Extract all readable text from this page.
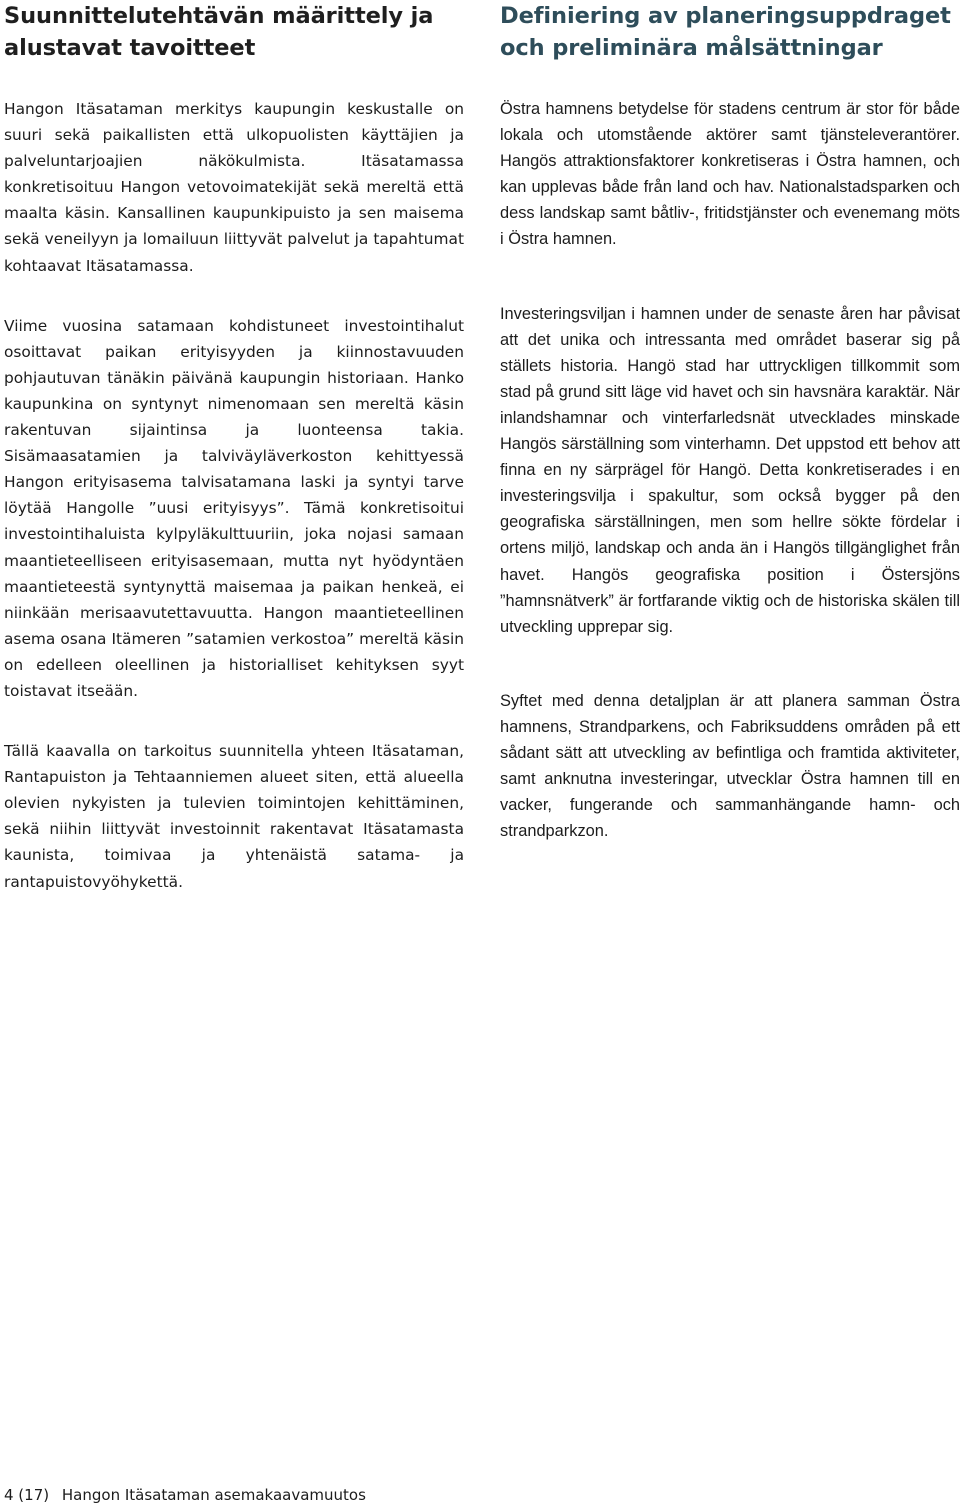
Suunnittelutehtävän määrittely ja alustavat tavoitteet

Hangon Itäsataman merkitys kaupungin keskustalle on suuri sekä paikallisten että ulkopuolisten käyttäjien ja palveluntarjoajien näkökulmista. Itäsatamassa konkretisoituu Hangon vetovoimatekijät sekä mereltä että maalta käsin. Kansallinen kaupunkipuisto ja sen maisema sekä veneilyyn ja lomailuun liittyvät palvelut ja tapahtumat kohtaavat Itäsatamassa.

Viime vuosina satamaan kohdistuneet investointihalut osoittavat paikan erityisyyden ja kiinnostavuuden pohjautuvan tänäkin päivänä kaupungin historiaan. Hanko kaupunkina on syntynyt nimenomaan sen mereltä käsin rakentuvan sijaintinsa ja luonteensa takia. Sisämaasatamien ja talviväyläverkoston kehittyessä Hangon erityisasema talvisatamana laski ja syntyi tarve löytää Hangolle ”uusi erityisyys”. Tämä konkretisoitui investointihaluista kylpyläkulttuuriin, joka nojasi samaan maantieteelliseen erityisasemaan, mutta nyt hyödyntäen maantieteestä syntynyttä maisemaa ja paikan henkeä, ei niinkään merisaavutettavuutta. Hangon maantieteellinen asema osana Itämeren ”satamien verkostoa” mereltä käsin on edelleen oleellinen ja historialliset kehityksen syyt toistavat itseään.

Tällä kaavalla on tarkoitus suunnitella yhteen Itäsataman, Rantapuiston ja Tehtaanniemen alueet siten, että alueella olevien nykyisten ja tulevien toimintojen kehittäminen, sekä niihin liittyvät investoinnit rakentavat Itäsatamasta kaunista, toimivaa ja yhtenäistä satama- ja rantapuistovyöhykettä.

Definiering av planeringsuppdraget och preliminära målsättningar

Östra hamnens betydelse för stadens centrum är stor för både lokala och utomstående aktörer samt tjänsteleverantörer. Hangös attraktionsfaktorer konkretiseras i Östra hamnen, och kan upplevas både från land och hav. Nationalstadsparken och dess landskap samt båtliv-, fritidstjänster och evenemang möts i Östra hamnen.

Investeringsviljan i hamnen under de senaste åren har påvisat att det unika och intressanta med området baserar sig på ställets historia. Hangö stad har uttryckligen tillkommit som stad på grund sitt läge vid havet och sin havsnära karaktär. När inlandshamnar och vinterfarledsnät utvecklades minskade Hangös särställning som vinterhamn. Det uppstod ett behov att finna en ny särprägel för Hangö. Detta konkretiserades i en investeringsvilja i spakultur, som också bygger på den geografiska särställningen, men som hellre sökte fördelar i ortens miljö, landskap och anda än i Hangös tillgänglighet från havet. Hangös geografiska position i Östersjöns ”hamnsnätverk” är fortfarande viktig och de historiska skälen till utveckling upprepar sig.

Syftet med denna detaljplan är att planera samman Östra hamnens, Strandparkens, och Fabriksuddens områden på ett sådant sätt att utveckling av befintliga och framtida aktiviteter, samt anknutna investeringar, utvecklar Östra hamnen till en vacker, fungerande och sammanhängande hamn- och strandparkzon.

4 (17) Hangon Itäsataman asemakaavamuutos
